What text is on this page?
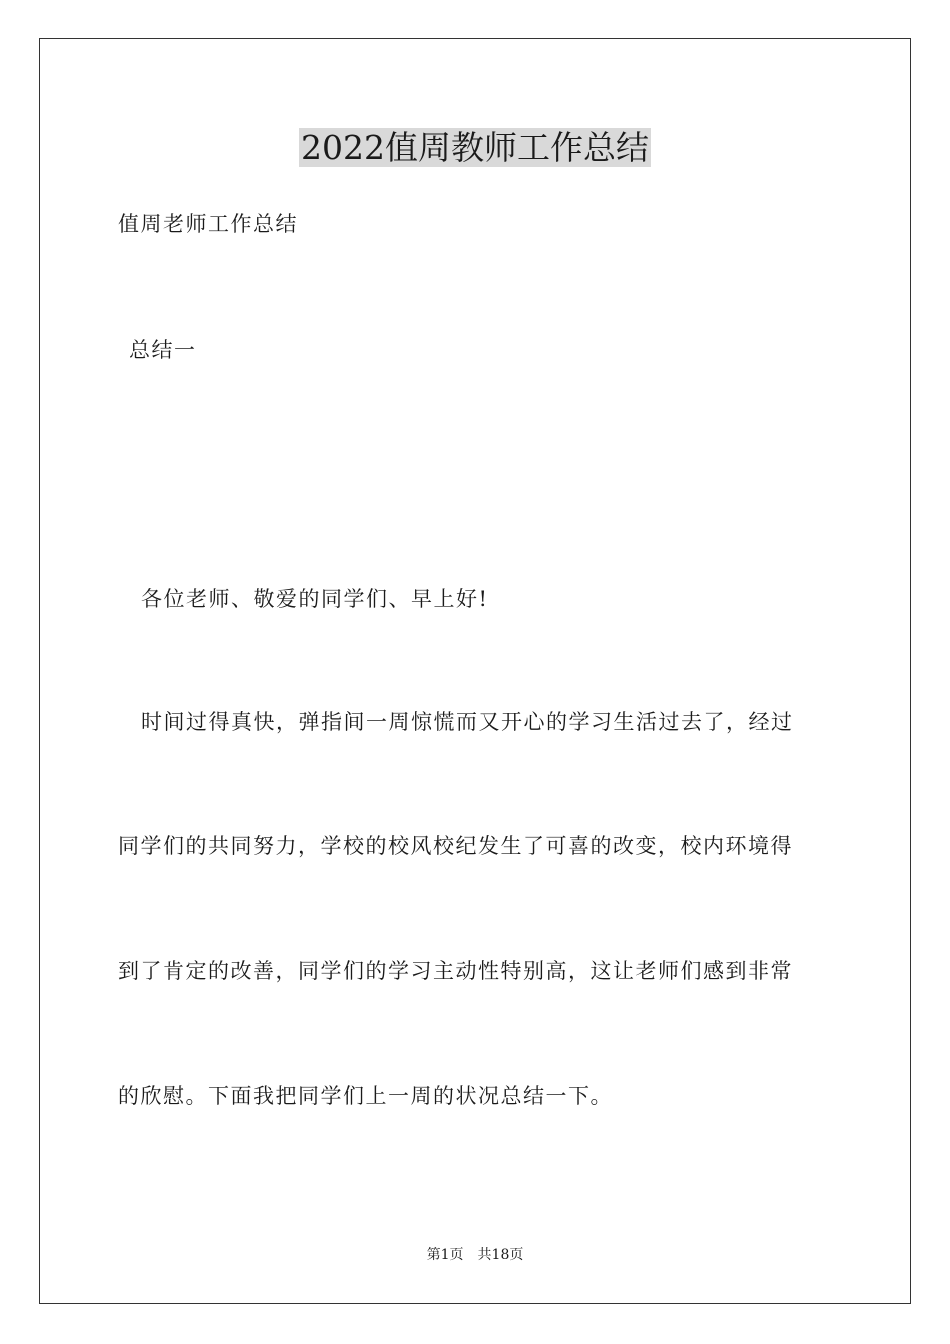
2022值周教师工作总结
值周老师工作总结
总结一
各位老师、敬爱的同学们、早上好!
时间过得真快，弹指间一周惊慌而又开心的学习生活过去了，经过
同学们的共同努力，学校的校风校纪发生了可喜的改变，校内环境得
到了肯定的改善，同学们的学习主动性特别高，这让老师们感到非常
的欣慰。下面我把同学们上一周的状况总结一下。
第1页 共18页
